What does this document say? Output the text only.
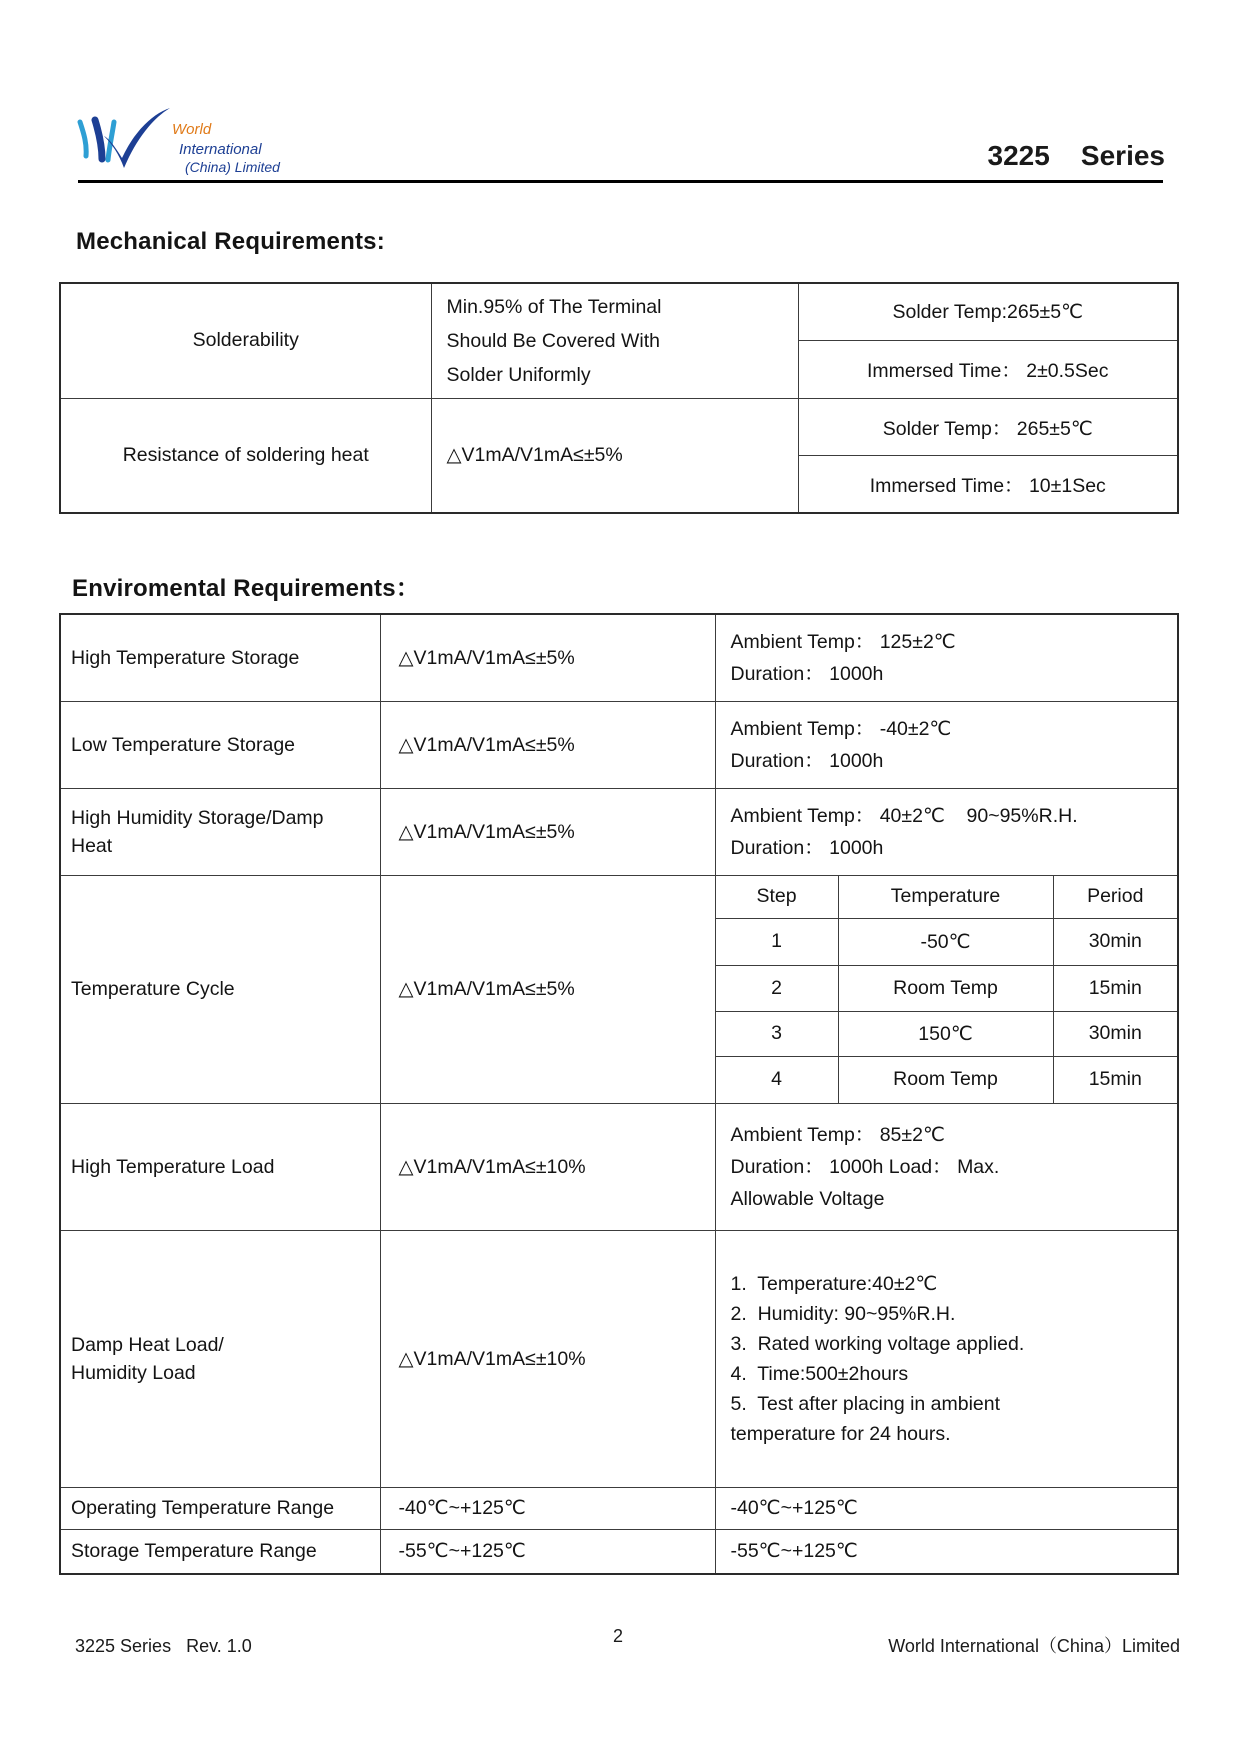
World
International
(China) Limited	3225    Series
Mechanical Requirements:
Solderability	Min.95% of The Terminal
Should Be Covered With
Solder Uniformly	Solder Temp:265±5℃
		Immersed Time： 2±0.5Sec
Resistance of soldering heat	△V1mA/V1mA≤±5%	Solder Temp： 265±5℃
		Immersed Time： 10±1Sec
Enviromental Requirements：
High Temperature Storage	△V1mA/V1mA≤±5%	Ambient Temp： 125±2℃
Duration： 1000h		

Low Temperature Storage	△V1mA/V1mA≤±5%	Ambient Temp： -40±2℃
Duration： 1000h		

High Humidity Storage/Damp
Heat
	△V1mA/V1mA≤±5%	
Ambient Temp： 40±2℃    90~95%R.H.
Duration： 1000h

Temperature Cycle	△V1mA/V1mA≤±5%	Step	Temperature	Period
		1	-50℃	30min
		2	Room Temp	15min
		3	150℃	30min
		4	Room Temp	15min

High Temperature Load	△V1mA/V1mA≤±10%	Ambient Temp： 85±2℃
Duration： 1000h Load： Max.
Allowable Voltage		

Damp Heat Load/
Humidity Load
	△V1mA/V1mA≤±10%	
1.  Temperature:40±2℃
2.  Humidity: 90~95%R.H.
3.  Rated working voltage applied.
4.  Time:500±2hours
5.  Test after placing in ambient
temperature for 24 hours.

Operating Temperature Range	-40℃~+125℃	-40℃~+125℃		

Storage Temperature Range	-55℃~+125℃	-55℃~+125℃		
3225 Series   Rev. 1.0	2	World International（China）Limited
